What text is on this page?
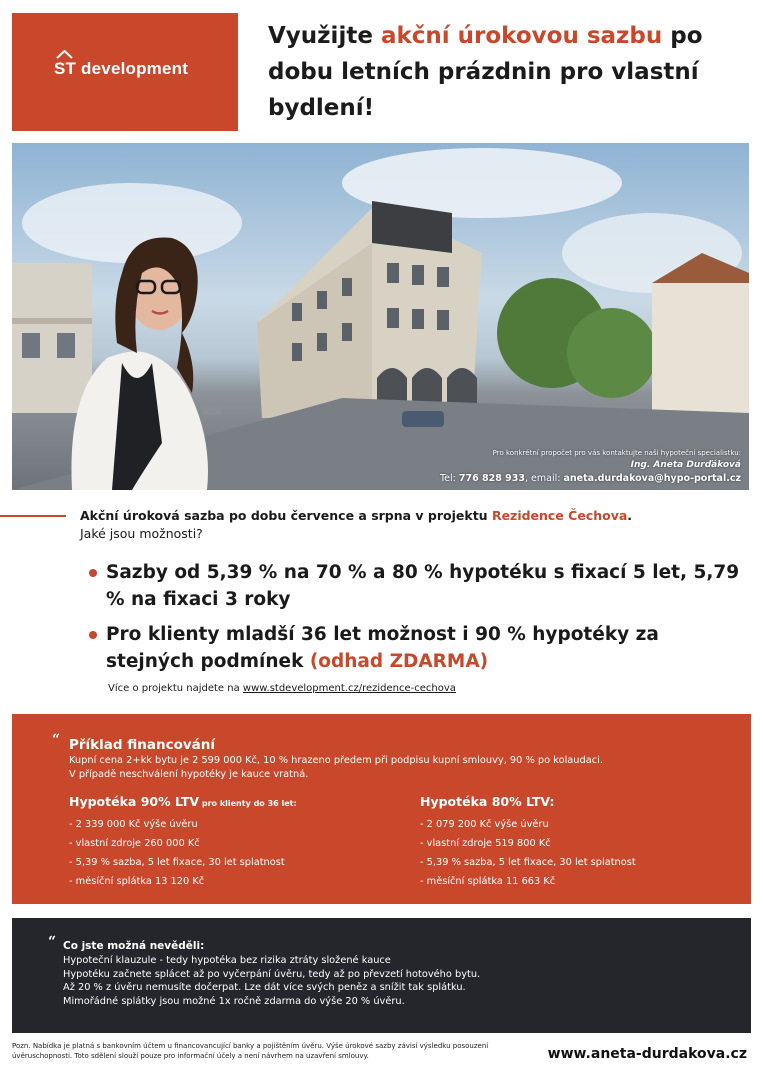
ST development
Využijte akční úrokovou sazbu po dobu letních prázdnin pro vlastní bydlení!
Pro konkrétní propočet pro vás kontaktujte naši hypoteční specialistku:
Ing. Aneta Durďáková
Tel: 776 828 933, email: aneta.durdakova@hypo-portal.cz
Akční úroková sazba po dobu července a srpna v projektu Rezidence Čechova.
Jaké jsou možnosti?
Sazby od 5,39 % na 70 % a 80 % hypotéku s fixací 5 let, 5,79 % na fixaci 3 roky
Pro klienty mladší 36 let možnost i 90 % hypotéky za stejných podmínek (odhad ZDARMA)
Více o projektu najdete na www.stdevelopment.cz/rezidence-cechova
“ Příklad financování
Kupní cena 2+kk bytu je 2 599 000 Kč, 10 % hrazeno předem při podpisu kupní smlouvy, 90 % po kolaudaci.
V případě neschválení hypotéky je kauce vratná.
Hypotéka 90% LTV pro klienty do 36 let:
- 2 339 000 Kč výše úvěru
- vlastní zdroje 260 000 Kč
- 5,39 % sazba, 5 let fixace, 30 let splatnost
- měsíční splátka 13 120 Kč
Hypotéka 80% LTV:
- 2 079 200 Kč výše úvěru
- vlastní zdroje 519 800 Kč
- 5,39 % sazba, 5 let fixace, 30 let splatnost
- měsíční splátka 11 663 Kč
“ Co jste možná nevěděli:
Hypoteční klauzule - tedy hypotéka bez rizika ztráty složené kauce
Hypotéku začnete splácet až po vyčerpání úvěru, tedy až po převzetí hotového bytu.
Až 20 % z úvěru nemusíte dočerpat. Lze dát více svých peněz a snížit tak splátku.
Mimořádné splátky jsou možné 1x ročně zdarma do výše 20 % úvěru.
Pozn. Nabídka je platná s bankovním účtem u financovancující banky a pojištěním úvěru. Výše úrokové sazby závisí výsledku posouzení úvěruschopnosti. Toto sdělení slouží pouze pro informační účely a není návrhem na uzavření smlouvy.	www.aneta-durdakova.cz
